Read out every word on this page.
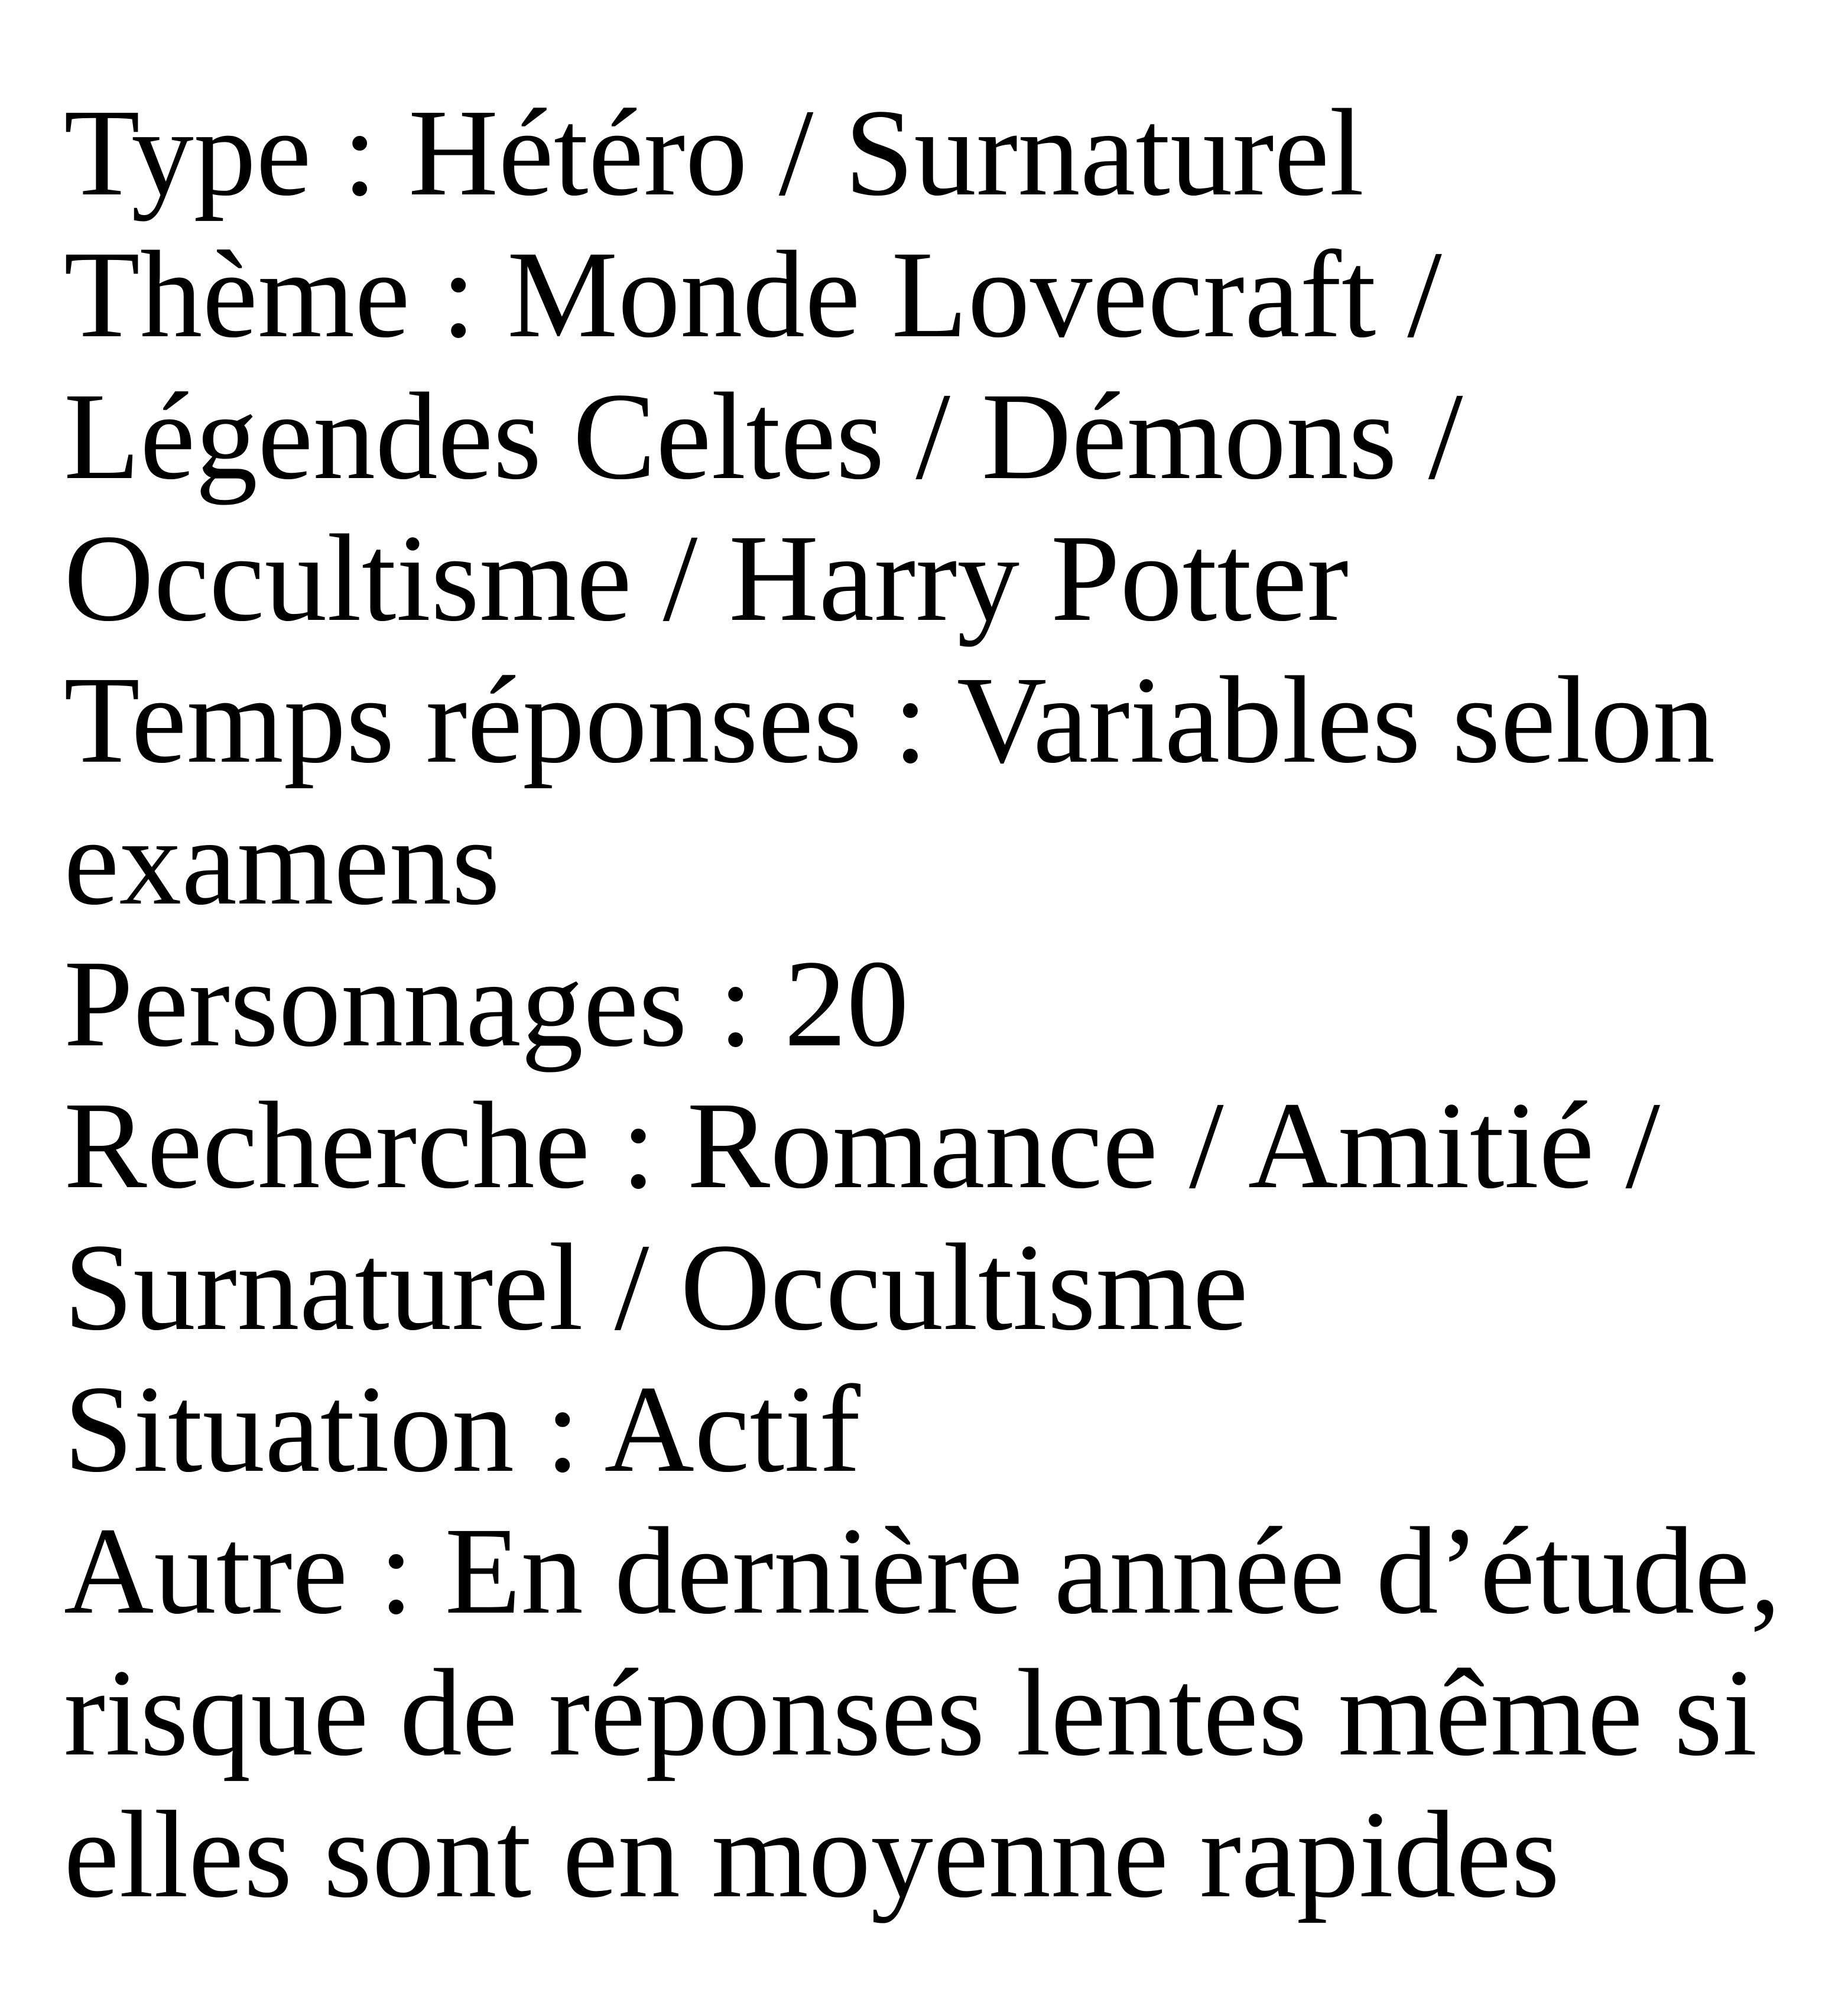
Type : Hétéro / Surnaturel
Thème : Monde Lovecraft /
Légendes Celtes / Démons /
Occultisme / Harry Potter
Temps réponses : Variables selon
examens
Personnages : 20
Recherche : Romance / Amitié /
Surnaturel / Occultisme
Situation : Actif
Autre : En dernière année d’étude,
risque de réponses lentes même si
elles sont en moyenne rapides
